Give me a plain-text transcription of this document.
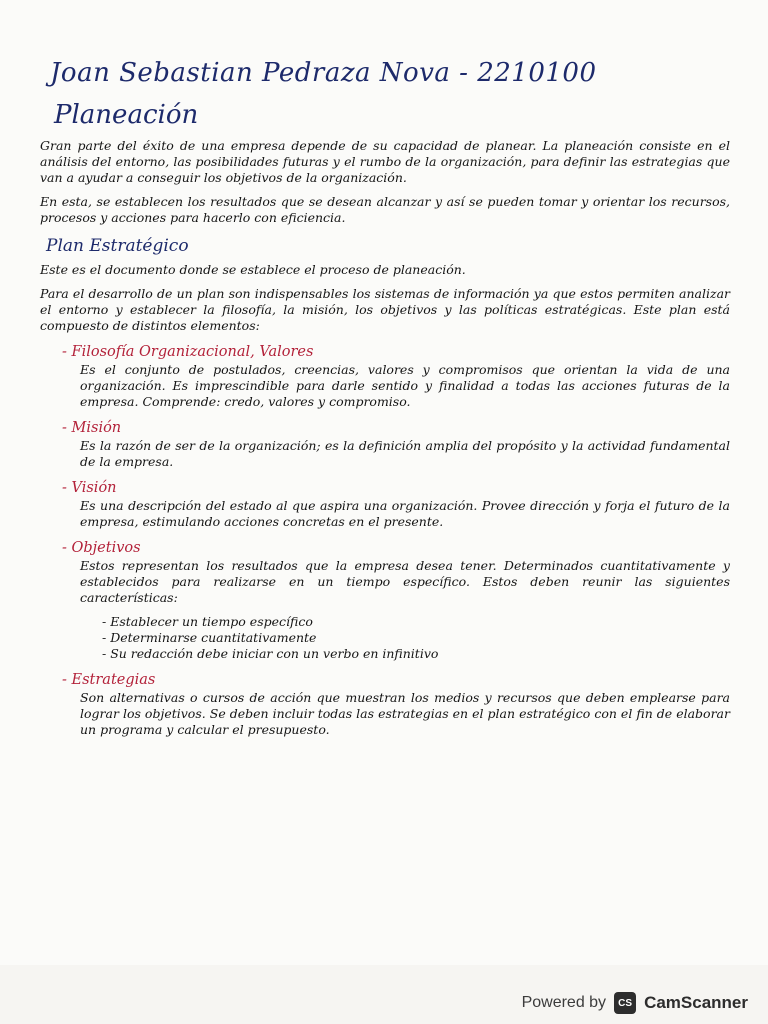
Joan Sebastian Pedraza Nova - 2210100
Planeación

Gran parte del éxito de una empresa depende de su capacidad de planear. La planeación consiste en el análisis del entorno, las posibilidades futuras y el rumbo de la organización, para definir las estrategias que van a ayudar a conseguir los objetivos de la organización.

En esta, se establecen los resultados que se desean alcanzar y así se pueden tomar y orientar los recursos, procesos y acciones para hacerlo con eficiencia.

Plan Estratégico

Este es el documento donde se establece el proceso de planeación.

Para el desarrollo de un plan son indispensables los sistemas de información ya que estos permiten analizar el entorno y establecer la filosofía, la misión, los objetivos y las políticas estratégicas. Este plan está compuesto de distintos elementos:

- Filosofía Organizacional, Valores

Es el conjunto de postulados, creencias, valores y compromisos que orientan la vida de una organización. Es imprescindible para darle sentido y finalidad a todas las acciones futuras de la empresa. Comprende: credo, valores y compromiso.

- Misión

Es la razón de ser de la organización; es la definición amplia del propósito y la actividad fundamental de la empresa.

- Visión

Es una descripción del estado al que aspira una organización. Provee dirección y forja el futuro de la empresa, estimulando acciones concretas en el presente.

- Objetivos

Estos representan los resultados que la empresa desea tener. Determinados cuantitativamente y establecidos para realizarse en un tiempo específico. Estos deben reunir las siguientes características:

- Establecer un tiempo específico
- Determinarse cuantitativamente
- Su redacción debe iniciar con un verbo en infinitivo
- Estrategias

Son alternativas o cursos de acción que muestran los medios y recursos que deben emplearse para lograr los objetivos. Se deben incluir todas las estrategias en el plan estratégico con el fin de elaborar un programa y calcular el presupuesto.

Powered by	CS CamScanner
